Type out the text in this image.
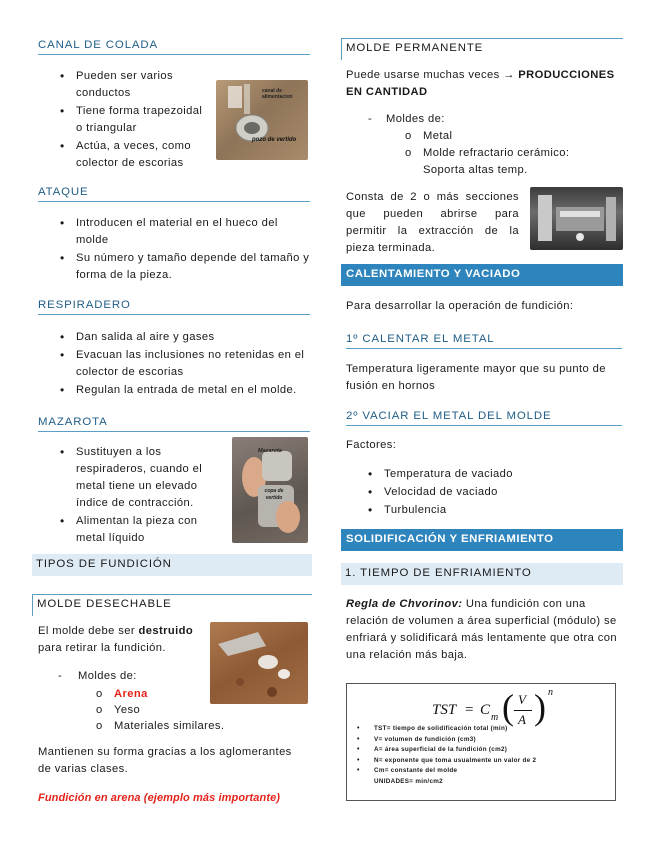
CANAL DE COLADA
• Pueden ser varios conductos
• Tiene forma trapezoidal o triangular
• Actúa, a veces, como colector de escorias
canal de alimentacion
pozo de vertido
ATAQUE
• Introducen el material en el hueco del molde
• Su número y tamaño depende del tamaño y forma de la pieza.
RESPIRADERO
• Dan salida al aire y gases
• Evacuan las inclusiones no retenidas en el colector de escorias
• Regulan la entrada de metal en el molde.
MAZAROTA
• Sustituyen a los respiraderos, cuando el metal tiene un elevado índice de contracción.
• Alimentan la pieza con metal líquido
Mazarota
copa de vertido
TIPOS DE FUNDICIÓN
MOLDE DESECHABLE
El molde debe ser destruido para retirar la fundición.
- Moldes de:
o Arena
o Yeso
o Materiales similares.
Mantienen su forma gracias a los aglomerantes de varias clases.
Fundición en arena (ejemplo más importante)
MOLDE PERMANENTE
Puede usarse muchas veces → PRODUCCIONES EN CANTIDAD
- Moldes de:
o Metal
o Molde refractario cerámico: Soporta altas temp.
Consta de 2 o más secciones que pueden abrirse para permitir la extracción de la pieza terminada.
CALENTAMIENTO Y VACIADO
Para desarrollar la operación de fundición:
1º CALENTAR EL METAL
Temperatura ligeramente mayor que su punto de fusión en hornos
2º VACIAR EL METAL DEL MOLDE
Factores:
• Temperatura de vaciado
• Velocidad de vaciado
• Turbulencia
SOLIDIFICACIÓN Y ENFRIAMIENTO
1. TIEMPO DE ENFRIAMIENTO
Regla de Chvorinov: Una fundición con una relación de volumen a área superficial (módulo) se enfriará y solidificará más lentamente que otra con una relación más baja.
TST = C m ( V
A ) n
• TST= tiempo de solidificación total (min)
• V= volumen de fundición (cm3)
• A= área superficial de la fundición (cm2)
• N= exponente que toma usualmente un valor de 2
• Cm= constante del molde
UNIDADES= min/cm2
